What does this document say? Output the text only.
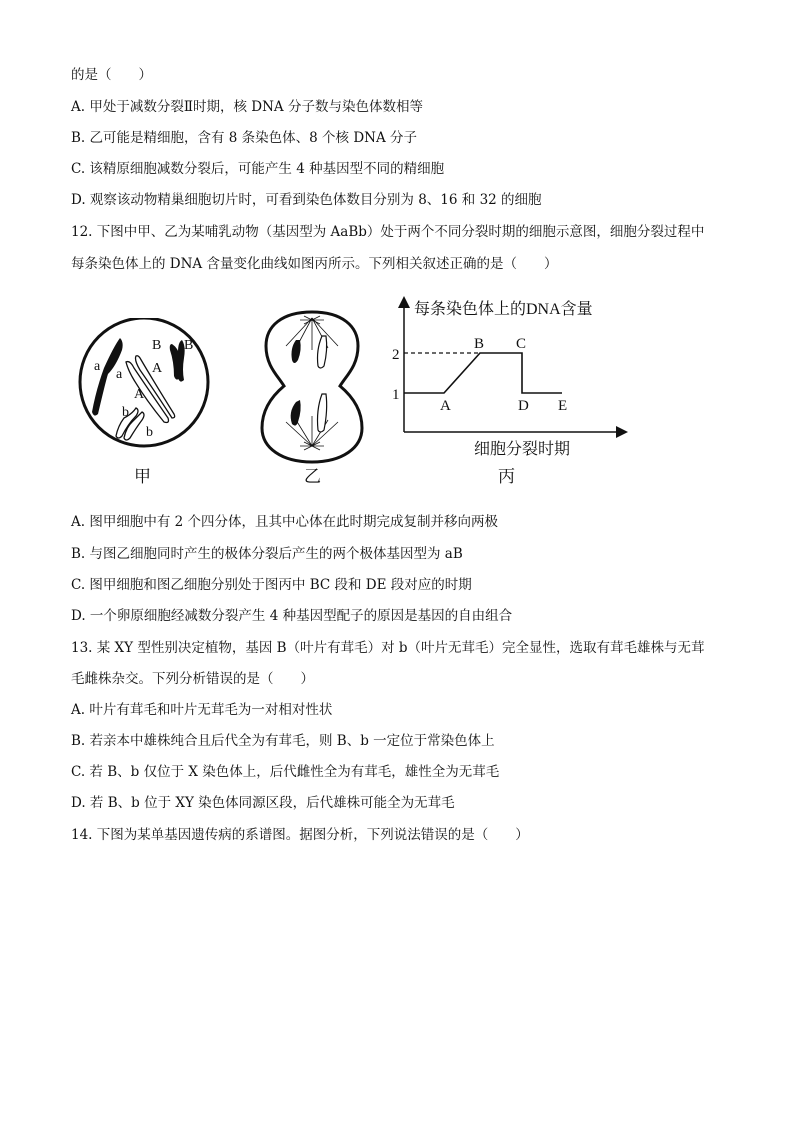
的是（　　）
A. 甲处于减数分裂Ⅱ时期，核 DNA 分子数与染色体数相等
B. 乙可能是精细胞，含有 8 条染色体、8 个核 DNA 分子
C. 该精原细胞减数分裂后，可能产生 4 种基因型不同的精细胞
D. 观察该动物精巢细胞切片时，可看到染色体数目分别为 8、16 和 32 的细胞
12. 下图中甲、乙为某哺乳动物（基因型为 AaBb）处于两个不同分裂时期的细胞示意图，细胞分裂过程中
每条染色体上的 DNA 含量变化曲线如图丙所示。下列相关叙述正确的是（　　）
a
a
B B
A
A
b
b
甲	乙
每条染色体上的DNA含量
细胞分裂时期
1
2
A
B C
D E
丙
A. 图甲细胞中有 2 个四分体，且其中心体在此时期完成复制并移向两极
B. 与图乙细胞同时产生的极体分裂后产生的两个极体基因型为 aB
C. 图甲细胞和图乙细胞分别处于图丙中 BC 段和 DE 段对应的时期
D. 一个卵原细胞经减数分裂产生 4 种基因型配子的原因是基因的自由组合
13. 某 XY 型性别决定植物，基因 B（叶片有茸毛）对 b（叶片无茸毛）完全显性，选取有茸毛雄株与无茸
毛雌株杂交。下列分析错误的是（　　）
A. 叶片有茸毛和叶片无茸毛为一对相对性状
B. 若亲本中雄株纯合且后代全为有茸毛，则 B、b 一定位于常染色体上
C. 若 B、b 仅位于 X 染色体上，后代雌性全为有茸毛，雄性全为无茸毛
D. 若 B、b 位于 XY 染色体同源区段，后代雄株可能全为无茸毛
14. 下图为某单基因遗传病的系谱图。据图分析，下列说法错误的是（　　）
